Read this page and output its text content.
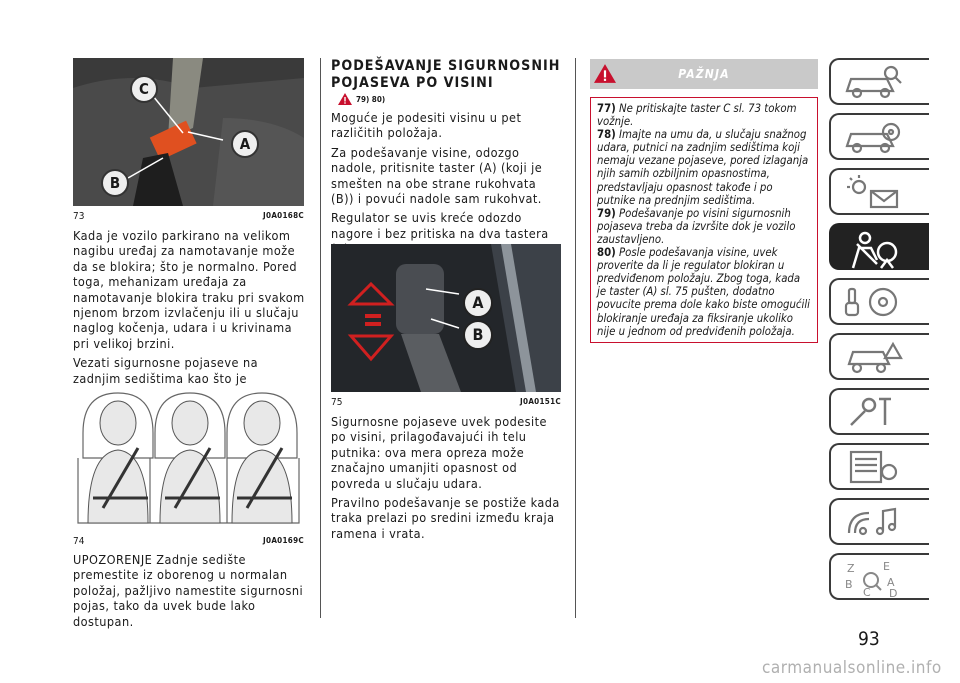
C
A
B
73	J0A0168C

Kada je vozilo parkirano na velikom nagibu uređaj za namotavanje može da se blokira; što je normalno. Pored toga, mehanizam uređaja za namotavanje blokira traku pri svakom njenom brzom izvlačenju ili u slučaju naglog kočenja, udara i u krivinama pri velikoj brzini.

Vezati sigurnosne pojaseve na zadnjim sedištima kao što je

74	J0A0169C

UPOZORENJE Zadnje sedište premestite iz oborenog u normalan položaj, pažljivo namestite sigurnosni pojas, tako da uvek bude lako dostupan.

PODEŠAVANJE SIGURNOSNIH
POJASEVA PO VISINI
79) 80)

Moguće je podesiti visinu u pet različitih položaja.

Za podešavanje visine, odozgo nadole, pritisnite taster (A) (koji je smešten na obe strane rukohvata (B)) i povući nadole sam rukohvat.

Regulator se uvis kreće odozdo nagore i bez pritiska na dva tastera

A
B
75	J0A0151C

Sigurnosne pojaseve uvek podesite po visini, prilagođavajući ih telu putnika: ova mera opreza može značajno umanjiti opasnost od povreda u slučaju udara.

Pravilno podešavanje se postiže kada traka prelazi po sredini između kraja ramena i vrata.

PAŽNJA
77) Ne pritiskajte taster C sl. 73 tokom vožnje.
78) Imajte na umu da, u slučaju snažnog udara, putnici na zadnjim sedištima koji nemaju vezane pojaseve, pored izlaganja njih samih ozbiljnim opasnostima, predstavljaju opasnost takođe i po putnike na prednjim sedištima.
79) Podešavanje po visini sigurnosnih pojaseva treba da izvršite dok je vozilo zaustavljeno.
80) Posle podešavanja visine, uvek proverite da li je regulator blokiran u predviđenom položaju. Zbog toga, kada je taster (A) sl. 75 pušten, dodatno povucite prema dole kako biste omogućili blokiranje uređaja za fiksiranje ukoliko nije u jednom od predviđenih položaja.
Z	E
B	A
C D
93
carmanualsonline.info
